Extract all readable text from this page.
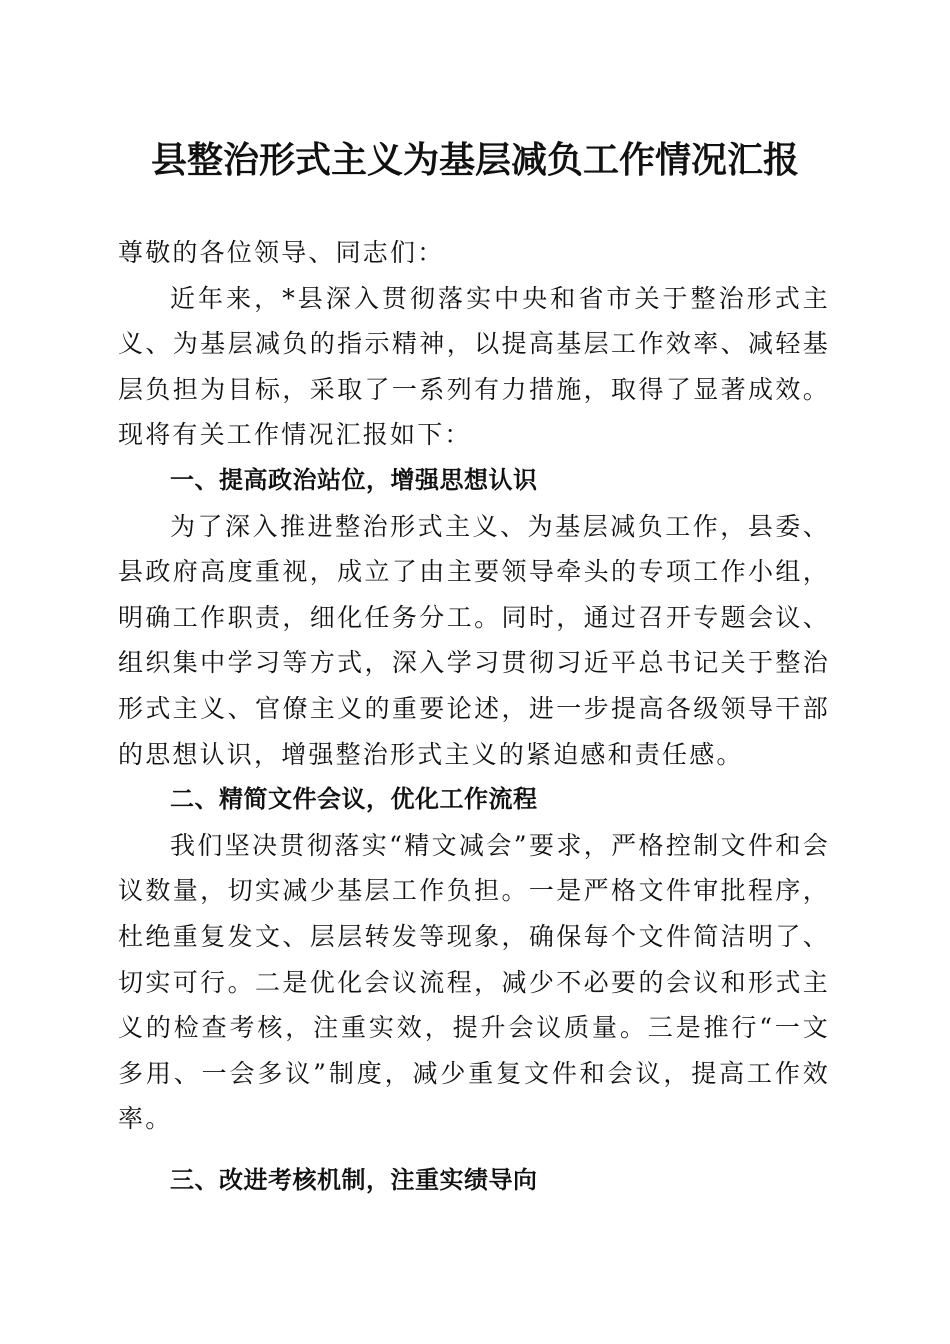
县整治形式主义为基层减负工作情况汇报

尊敬的各位领导、同志们：

近年来，*县深入贯彻落实中央和省市关于整治形式主义、为基层减负的指示精神，以提高基层工作效率、减轻基层负担为目标，采取了一系列有力措施，取得了显著成效。现将有关工作情况汇报如下：

一、提高政治站位，增强思想认识

为了深入推进整治形式主义、为基层减负工作，县委、县政府高度重视，成立了由主要领导牵头的专项工作小组，明确工作职责，细化任务分工。同时，通过召开专题会议、组织集中学习等方式，深入学习贯彻习近平总书记关于整治形式主义、官僚主义的重要论述，进一步提高各级领导干部的思想认识，增强整治形式主义的紧迫感和责任感。

二、精简文件会议，优化工作流程

我们坚决贯彻落实“精文减会”要求，严格控制文件和会议数量，切实减少基层工作负担。一是严格文件审批程序，杜绝重复发文、层层转发等现象，确保每个文件简洁明了、切实可行。二是优化会议流程，减少不必要的会议和形式主义的检查考核，注重实效，提升会议质量。三是推行“一文多用、一会多议”制度，减少重复文件和会议，提高工作效率。

三、改进考核机制，注重实绩导向
